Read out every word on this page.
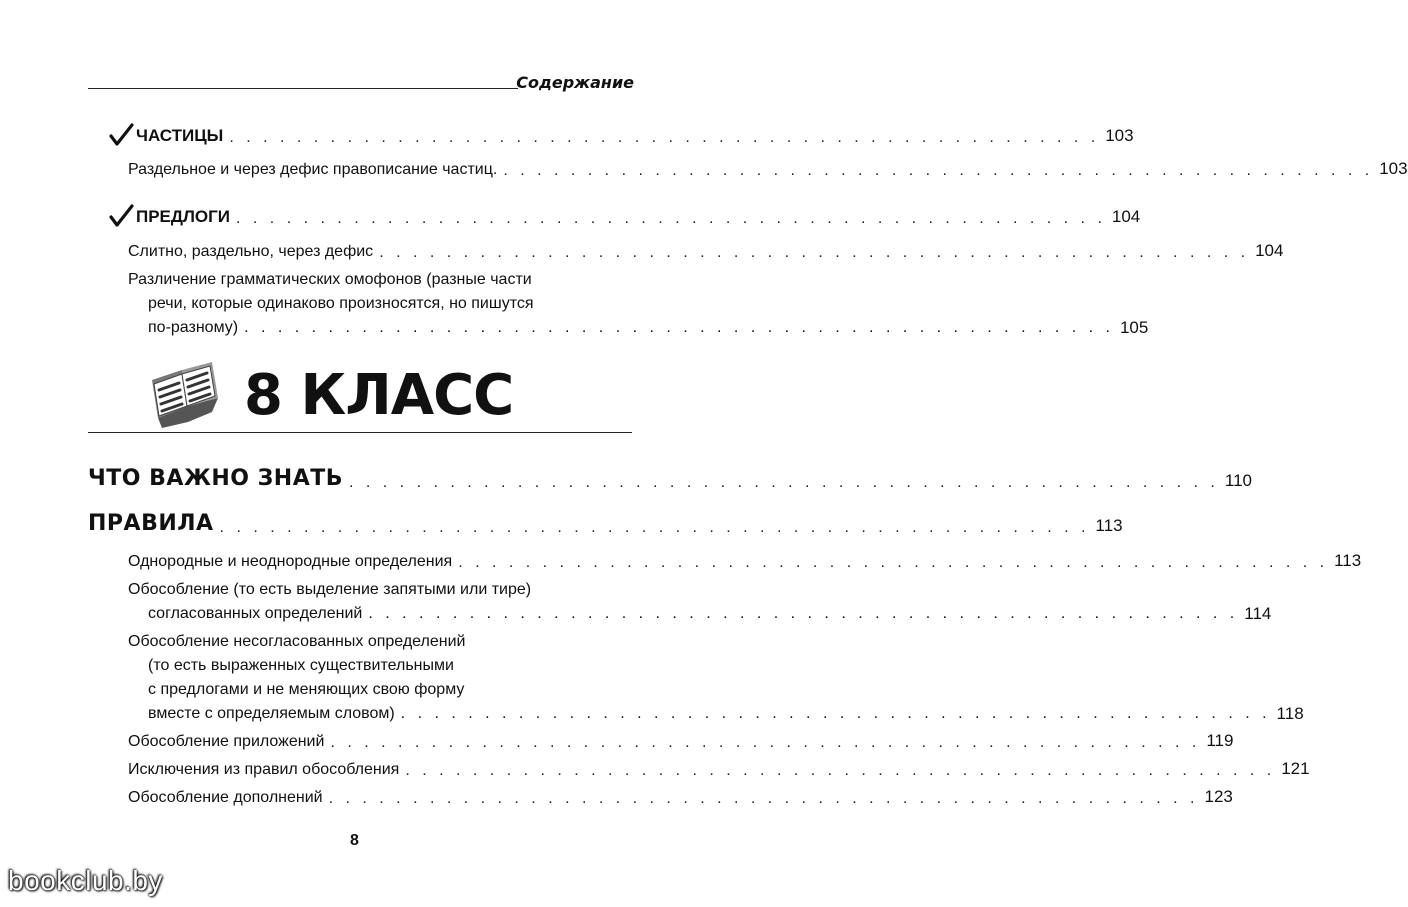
Содержание
ЧАСТИЦЫ . . . . . . . . . . . . . . . . . . . . . . . . . . . . . . . . . . . . . . . . . . . . . . . . . . . . 103
Раздельное и через дефис правописание частиц. . . . . . . . . . . . . . . . . . . . . . . . . . . . . . . . . . . . . . . . . . . . . . . . . . . . . 103
ПРЕДЛОГИ . . . . . . . . . . . . . . . . . . . . . . . . . . . . . . . . . . . . . . . . . . . . . . . . . . . . 104
Слитно, раздельно, через дефис . . . . . . . . . . . . . . . . . . . . . . . . . . . . . . . . . . . . . . . . . . . . . . . . . . . . 104
Различение грамматических омофонов (разные части
речи, которые одинаково произносятся, но пишутся
по-разному) . . . . . . . . . . . . . . . . . . . . . . . . . . . . . . . . . . . . . . . . . . . . . . . . . . . . 105
8 КЛАСС
ЧТО ВАЖНО ЗНАТЬ . . . . . . . . . . . . . . . . . . . . . . . . . . . . . . . . . . . . . . . . . . . . . . . . . . . . 110
ПРАВИЛА . . . . . . . . . . . . . . . . . . . . . . . . . . . . . . . . . . . . . . . . . . . . . . . . . . . . 113
Однородные и неоднородные определения . . . . . . . . . . . . . . . . . . . . . . . . . . . . . . . . . . . . . . . . . . . . . . . . . . . . 113
Обособление (то есть выделение запятыми или тире)
согласованных определений . . . . . . . . . . . . . . . . . . . . . . . . . . . . . . . . . . . . . . . . . . . . . . . . . . . . 114
Обособление несогласованных определений
(то есть выраженных существительными
с предлогами и не меняющих свою форму
вместе с определяемым словом) . . . . . . . . . . . . . . . . . . . . . . . . . . . . . . . . . . . . . . . . . . . . . . . . . . . . 118
Обособление приложений . . . . . . . . . . . . . . . . . . . . . . . . . . . . . . . . . . . . . . . . . . . . . . . . . . . . 119
Исключения из правил обособления . . . . . . . . . . . . . . . . . . . . . . . . . . . . . . . . . . . . . . . . . . . . . . . . . . . . 121
Обособление дополнений . . . . . . . . . . . . . . . . . . . . . . . . . . . . . . . . . . . . . . . . . . . . . . . . . . . . 123
8
bookclub.by
